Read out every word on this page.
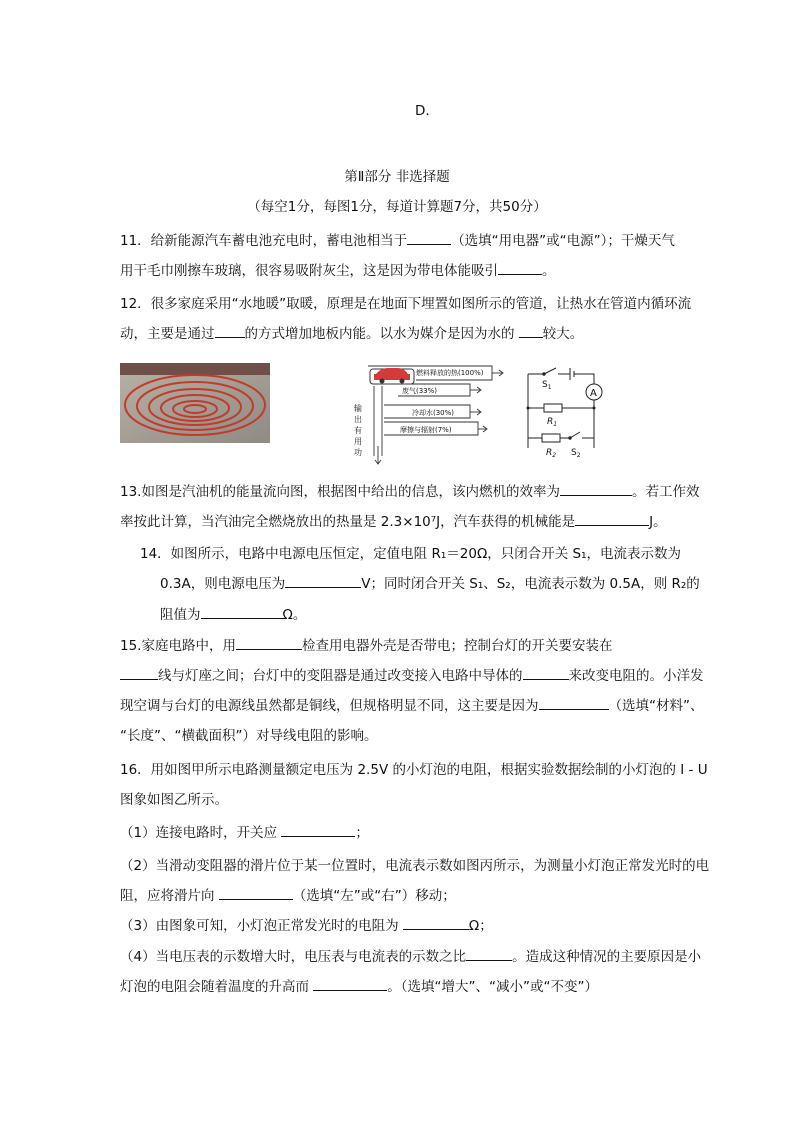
D.
第Ⅱ部分 非选择题
（每空1分，每图1分，每道计算题7分，共50分）
11．给新能源汽车蓄电池充电时，蓄电池相当于	（选填“用电器”或“电源”）；干燥天气
用干毛巾刚擦车玻璃，很容易吸附灰尘，这是因为带电体能吸引	。
12．很多家庭采用“水地暖”取暖，原理是在地面下埋置如图所示的管道，让热水在管道内循环流
动，主要是通过 的方式增加地板内能。以水为媒介是因为水的 较大。
燃料释放的热(100%)
废气(33%)
冷却水(30%)
摩擦与辐射(7%)
输
出
有
用
功
A
$S_1$
$R_1$
$R_2$ $S_2$
13.如图是汽油机的能量流向图，根据图中给出的信息，该内燃机的效率为	。若工作效
率按此计算，当汽油完全燃烧放出的热量是 2.3×10⁷J，汽车获得的机械能是	J。
14．如图所示，电路中电源电压恒定，定值电阻 R₁＝20Ω，只闭合开关 S₁，电流表示数为
0.3A，则电源电压为	V；同时闭合开关 S₁、S₂，电流表示数为 0.5A，则 R₂的
阻值为	Ω。
15.家庭电路中，用	检查用电器外壳是否带电；控制台灯的开关要安装在
线与灯座之间；台灯中的变阻器是通过改变接入电路中导体的	来改变电阻的。小洋发
现空调与台灯的电源线虽然都是铜线，但规格明显不同，这主要是因为	（选填“材料”、
“长度”、“横截面积”）对导线电阻的影响。
16．用如图甲所示电路测量额定电压为 2.5V 的小灯泡的电阻，根据实验数据绘制的小灯泡的 I - U
图象如图乙所示。
（1）连接电路时，开关应	；
（2）当滑动变阻器的滑片位于某一位置时，电流表示数如图丙所示，为测量小灯泡正常发光时的电
阻，应将滑片向	（选填“左”或“右”）移动；
（3）由图象可知，小灯泡正常发光时的电阻为	Ω；
（4）当电压表的示数增大时，电压表与电流表的示数之比	。造成这种情况的主要原因是小
灯泡的电阻会随着温度的升高而	。（选填“增大”、“减小”或“不变”）
